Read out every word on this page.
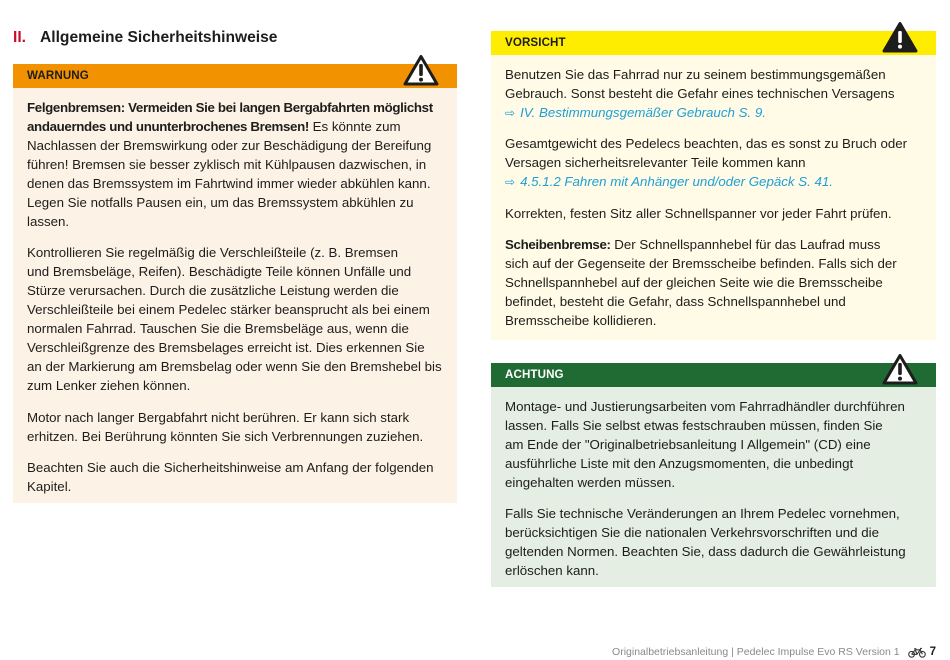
II. Allgemeine Sicherheitshinweise
WARNUNG
Felgenbremsen: Vermeiden Sie bei langen Bergabfahrten möglichst
andauerndes und ununterbrochenes Bremsen! Es könnte zum
Nachlassen der Bremswirkung oder zur Beschädigung der Bereifung
führen! Bremsen sie besser zyklisch mit Kühlpausen dazwischen, in
denen das Bremssystem im Fahrtwind immer wieder abkühlen kann.
Legen Sie notfalls Pausen ein, um das Bremssystem abkühlen zu
lassen.
Kontrollieren Sie regelmäßig die Verschleißteile (z. B. Bremsen
und Bremsbeläge, Reifen). Beschädigte Teile können Unfälle und
Stürze verursachen. Durch die zusätzliche Leistung werden die
Verschleißteile bei einem Pedelec stärker beansprucht als bei einem
normalen Fahrrad. Tauschen Sie die Bremsbeläge aus, wenn die
Verschleißgrenze des Bremsbelages erreicht ist. Dies erkennen Sie
an der Markierung am Bremsbelag oder wenn Sie den Bremshebel bis
zum Lenker ziehen können.
Motor nach langer Bergabfahrt nicht berühren. Er kann sich stark
erhitzen. Bei Berührung könnten Sie sich Verbrennungen zuziehen.
Beachten Sie auch die Sicherheitshinweise am Anfang der folgenden
Kapitel.
VORSICHT
Benutzen Sie das Fahrrad nur zu seinem bestimmungsgemäßen
Gebrauch. Sonst besteht die Gefahr eines technischen Versagens
⇨ IV. Bestimmungsgemäßer Gebrauch S. 9.
Gesamtgewicht des Pedelecs beachten, das es sonst zu Bruch oder
Versagen sicherheitsrelevanter Teile kommen kann
⇨ 4.5.1.2 Fahren mit Anhänger und/oder Gepäck S. 41.
Korrekten, festen Sitz aller Schnellspanner vor jeder Fahrt prüfen.
Scheibenbremse: Der Schnellspannhebel für das Laufrad muss
sich auf der Gegenseite der Bremsscheibe befinden. Falls sich der
Schnellspannhebel auf der gleichen Seite wie die Bremsscheibe
befindet, besteht die Gefahr, dass Schnellspannhebel und
Bremsscheibe kollidieren.
ACHTUNG
Montage- und Justierungsarbeiten vom Fahrradhändler durchführen
lassen. Falls Sie selbst etwas festschrauben müssen, finden Sie
am Ende der "Originalbetriebsanleitung I Allgemein" (CD) eine
ausführliche Liste mit den Anzugsmomenten, die unbedingt
eingehalten werden müssen.
Falls Sie technische Veränderungen an Ihrem Pedelec vornehmen,
berücksichtigen Sie die nationalen Verkehrsvorschriften und die
geltenden Normen. Beachten Sie, dass dadurch die Gewährleistung
erlöschen kann.
Originalbetriebsanleitung | Pedelec Impulse Evo RS Version 1	7
